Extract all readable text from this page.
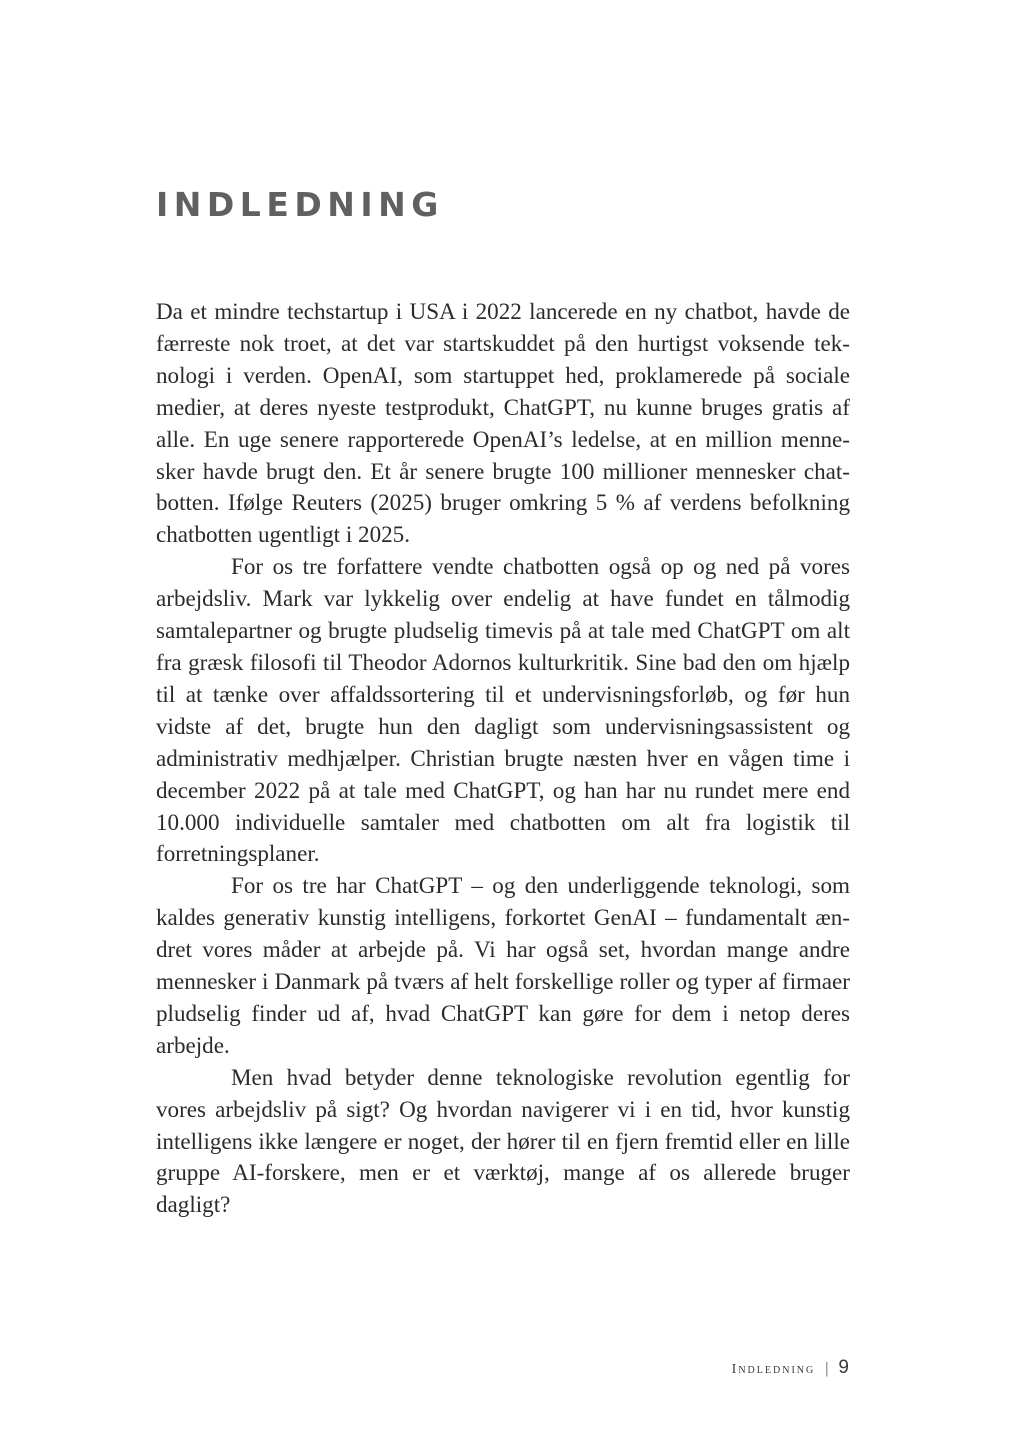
INDLEDNING

Da et mindre techstartup i USA i 2022 lancerede en ny chatbot, havde de færreste nok troet, at det var startskuddet på den hurtigst voksende teknologi i verden. OpenAI, som startuppet hed, proklamerede på sociale medier, at deres nyeste testprodukt, ChatGPT, nu kunne bruges gratis af alle. En uge senere rapporterede OpenAI’s ledelse, at en million mennesker havde brugt den. Et år senere brugte 100 millioner mennesker chatbotten. Ifølge Reuters (2025) bruger omkring 5 % af verdens befolkning chatbotten ugentligt i 2025.

For os tre forfattere vendte chatbotten også op og ned på vores arbejdsliv. Mark var lykkelig over endelig at have fundet en tålmodig samtalepartner og brugte pludselig timevis på at tale med ChatGPT om alt fra græsk filosofi til Theodor Adornos kulturkritik. Sine bad den om hjælp til at tænke over affaldssortering til et undervisningsforløb, og før hun vidste af det, brugte hun den dagligt som undervisningsassistent og administrativ medhjælper. Christian brugte næsten hver en vågen time i december 2022 på at tale med ChatGPT, og han har nu rundet mere end 10.000 individuelle samtaler med chatbotten om alt fra logistik til forretningsplaner.

For os tre har ChatGPT – og den underliggende teknologi, som kaldes generativ kunstig intelligens, forkortet GenAI – fundamentalt ændret vores måder at arbejde på. Vi har også set, hvordan mange andre mennesker i Danmark på tværs af helt forskellige roller og typer af firmaer pludselig finder ud af, hvad ChatGPT kan gøre for dem i netop deres arbejde.

Men hvad betyder denne teknologiske revolution egentlig for vores arbejdsliv på sigt? Og hvordan navigerer vi i en tid, hvor kunstig intelligens ikke længere er noget, der hører til en fjern fremtid eller en lille gruppe AI-forskere, men er et værktøj, mange af os allerede bruger dagligt?

Indledning | 9
